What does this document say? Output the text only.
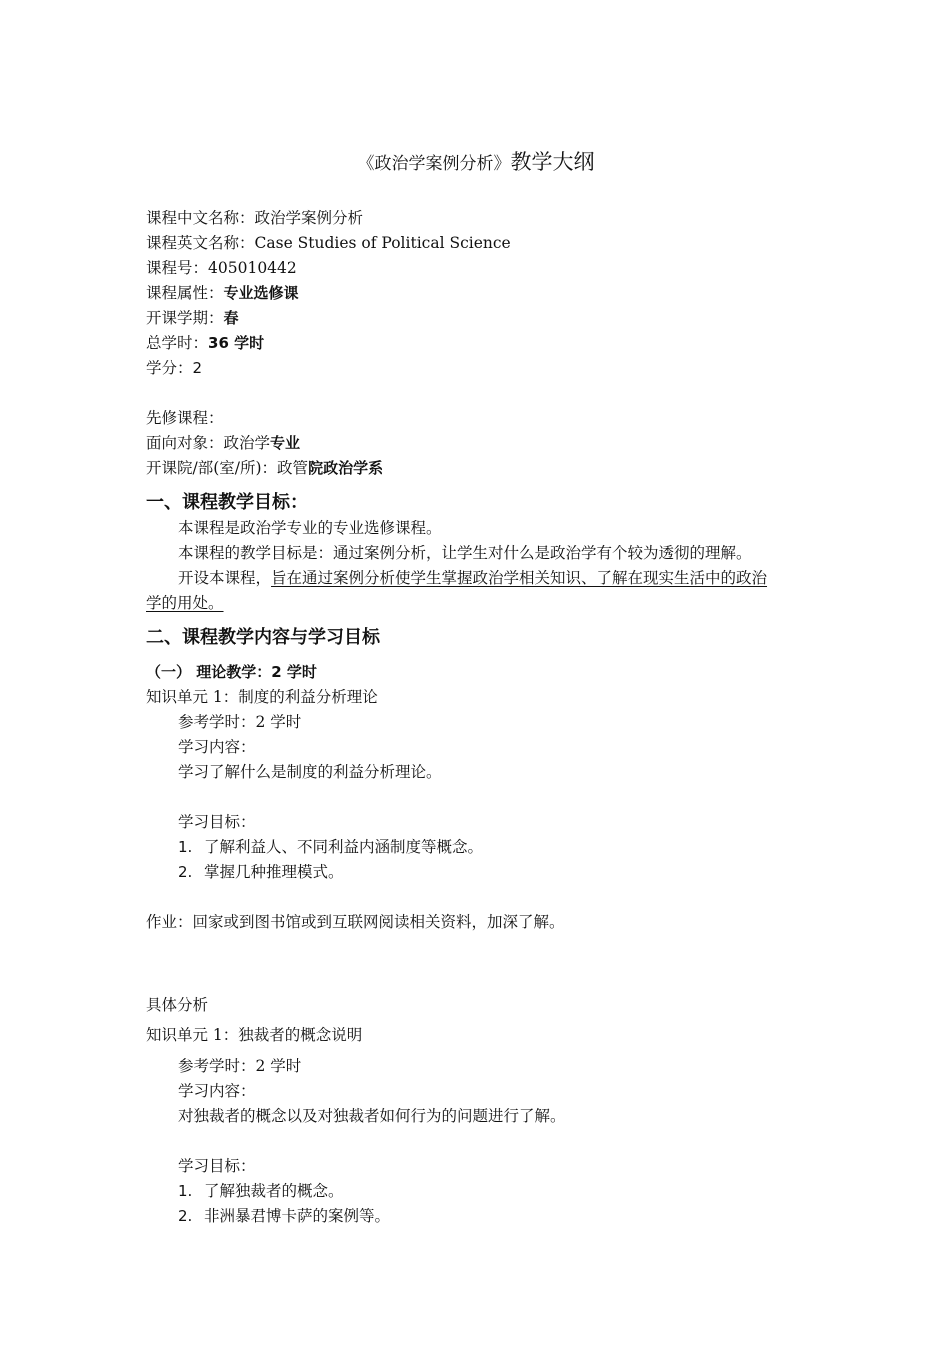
《政治学案例分析》教学大纲
课程中文名称：政治学案例分析
课程英文名称：Case Studies of Political Science
课程号：405010442
课程属性：专业选修课
开课学期：春
总学时：36 学时
学分：2
先修课程：
面向对象：政治学专业
开课院/部(室/所)：政管院政治学系
一、课程教学目标：
本课程是政治学专业的专业选修课程。
本课程的教学目标是：通过案例分析，让学生对什么是政治学有个较为透彻的理解。
开设本课程，旨在通过案例分析使学生掌握政治学相关知识、了解在现实生活中的政治
学的用处。
二、课程教学内容与学习目标
（一） 理论教学：2 学时
知识单元 1：制度的利益分析理论
参考学时：2 学时
学习内容：
学习了解什么是制度的利益分析理论。
学习目标：
1. 了解利益人、不同利益内涵制度等概念。
2. 掌握几种推理模式。
作业：回家或到图书馆或到互联网阅读相关资料，加深了解。
具体分析
知识单元 1：独裁者的概念说明
参考学时：2 学时
学习内容：
对独裁者的概念以及对独裁者如何行为的问题进行了解。
学习目标：
1. 了解独裁者的概念。
2. 非洲暴君博卡萨的案例等。
